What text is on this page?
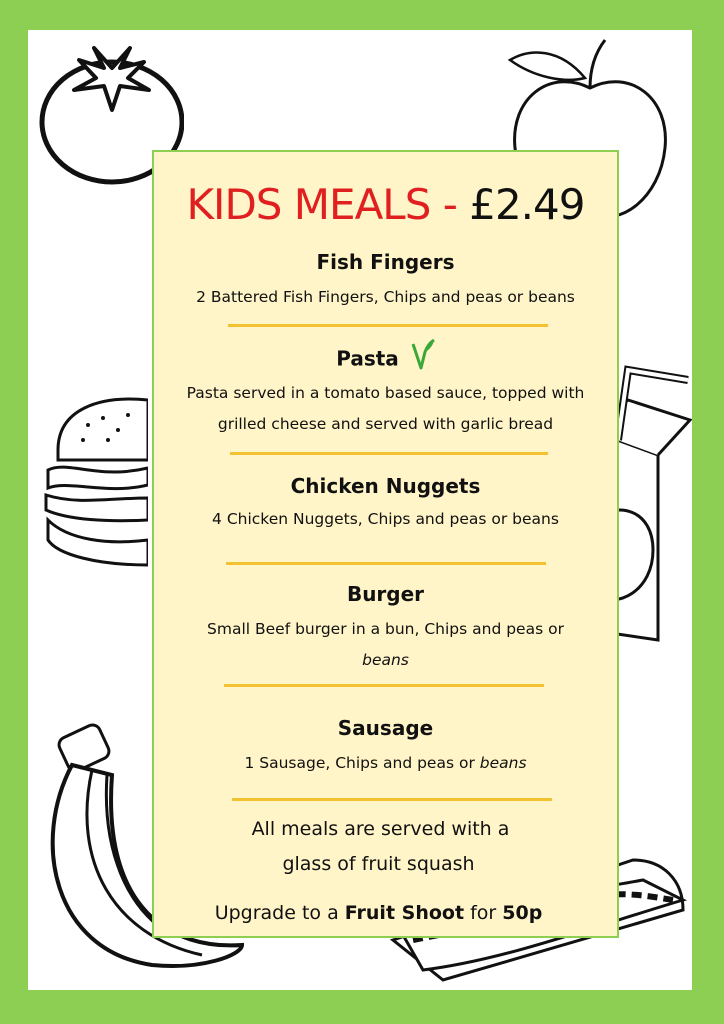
KIDS MEALS - £2.49
Fish Fingers

2 Battered Fish Fingers, Chips and peas or beans

Pasta

Pasta served in a tomato based sauce, topped with

grilled cheese and served with garlic bread

Chicken Nuggets

4 Chicken Nuggets, Chips and peas or beans

Burger

Small Beef burger in a bun, Chips and peas or

beans

Sausage

1 Sausage, Chips and peas or beans

All meals are served with a
glass of fruit squash
Upgrade to a Fruit Shoot for 50p
